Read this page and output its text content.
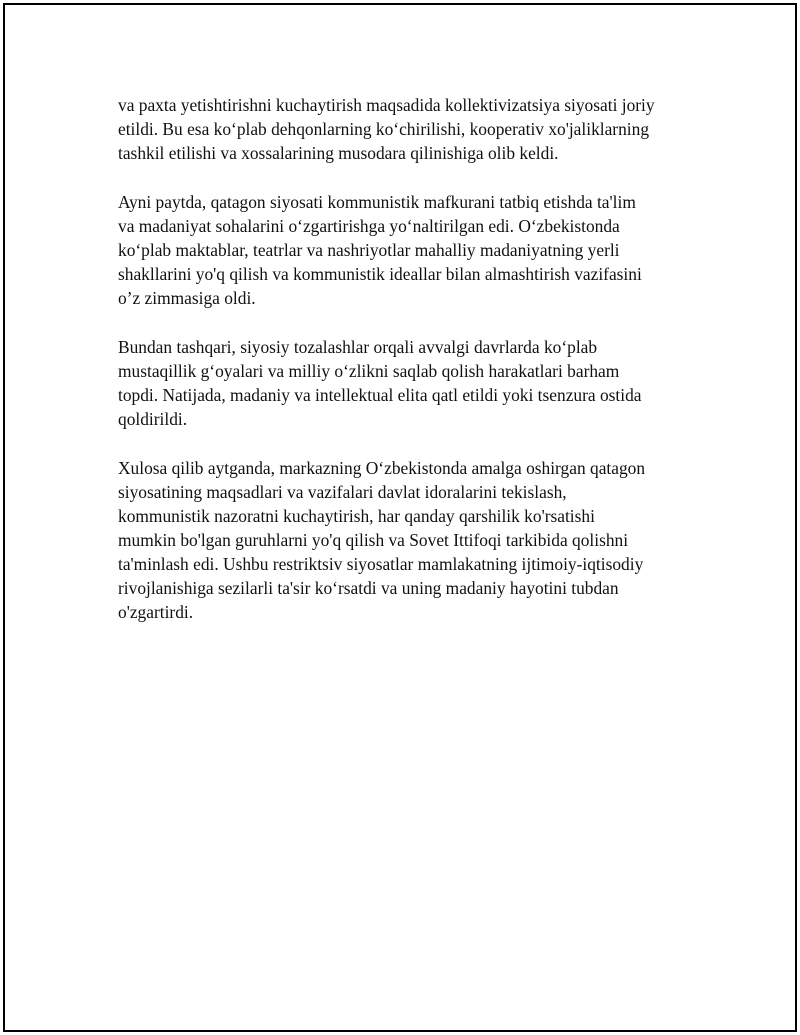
va paxta yetishtirishni kuchaytirish maqsadida kollektivizatsiya siyosati joriy
etildi. Bu esa koʻplab dehqonlarning koʻchirilishi, kooperativ xo'jaliklarning
tashkil etilishi va xossalarining musodara qilinishiga olib keldi.

Ayni paytda, qatagon siyosati kommunistik mafkurani tatbiq etishda ta'lim
va madaniyat sohalarini oʻzgartirishga yoʻnaltirilgan edi. Oʻzbekistonda
koʻplab maktablar, teatrlar va nashriyotlar mahalliy madaniyatning yerli
shakllarini yo'q qilish va kommunistik ideallar bilan almashtirish vazifasini
oʼz zimmasiga oldi.

Bundan tashqari, siyosiy tozalashlar orqali avvalgi davrlarda koʻplab
mustaqillik gʻoyalari va milliy oʻzlikni saqlab qolish harakatlari barham
topdi. Natijada, madaniy va intellektual elita qatl etildi yoki tsenzura ostida
qoldirildi.

Xulosa qilib aytganda, markazning Oʻzbekistonda amalga oshirgan qatagon
siyosatining maqsadlari va vazifalari davlat idoralarini tekislash,
kommunistik nazoratni kuchaytirish, har qanday qarshilik ko'rsatishi
mumkin bo'lgan guruhlarni yo'q qilish va Sovet Ittifoqi tarkibida qolishni
ta'minlash edi. Ushbu restriktsiv siyosatlar mamlakatning ijtimoiy-iqtisodiy
rivojlanishiga sezilarli ta'sir koʻrsatdi va uning madaniy hayotini tubdan
o'zgartirdi.
